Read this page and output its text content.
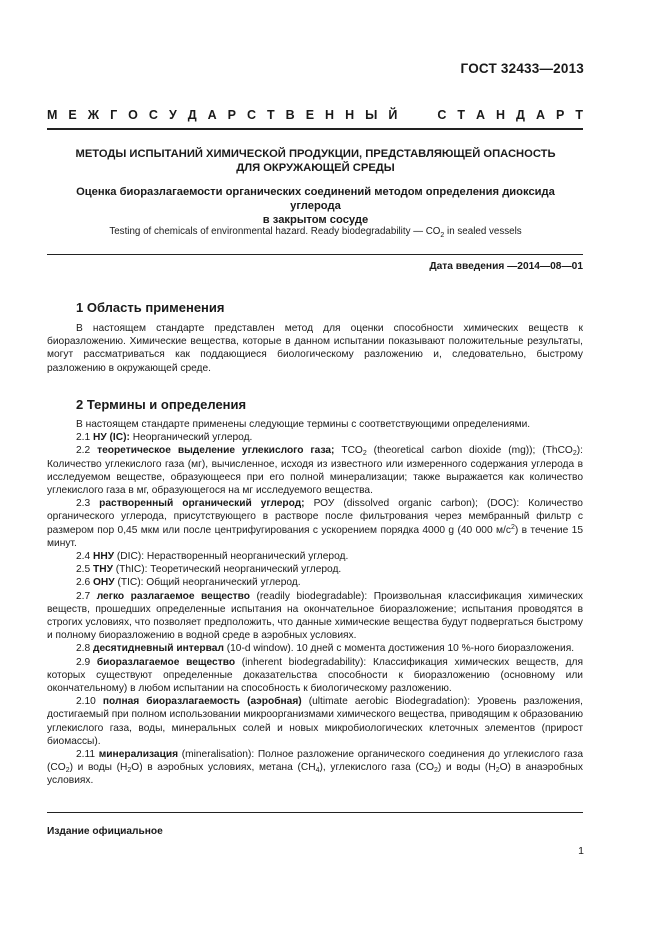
ГОСТ 32433—2013
М Е Ж Г О С У Д А Р С Т В Е Н Н Ы Й

	С Т А Н Д А Р Т
МЕТОДЫ ИСПЫТАНИЙ ХИМИЧЕСКОЙ ПРОДУКЦИИ, ПРЕДСТАВЛЯЮЩЕЙ ОПАСНОСТЬ
ДЛЯ ОКРУЖАЮЩЕЙ СРЕДЫ
Оценка биоразлагаемости органических соединений методом определения диоксида углерода
в закрытом сосуде
Testing of chemicals of environmental hazard. Ready biodegradability — $CO_2$ in sealed vessels
Дата введения —2014—08—01
1 Область применения

В настоящем стандарте представлен метод для оценки способности химических веществ к биоразложению. Химические вещества, которые в данном испытании показывают положительные результаты, могут рассматриваться как поддающиеся биологическому разложению и, следовательно, быстрому разложению в окружающей среде.

2 Термины и определения

В настоящем стандарте применены следующие термины с соответствующими определениями.

2.1 НУ (IC): Неорганический углерод.

2.2 теоретическое выделение углекислого газа; $TCO_2$ (theoretical carbon dioxide (mg)); (ThCO$_2$): Количество углекислого газа (мг), вычисленное, исходя из известного или измеренного содержания углерода в исследуемом веществе, образующееся при его полной минерализации; также выражается как количество углекислого газа в мг, образующегося на мг исследуемого вещества.

2.3 растворенный органический углерод; РОУ (dissolved organic carbon); (DOC): Количество органического углерода, присутствующего в растворе после фильтрования через мембранный фильтр с размером пор 0,45 мкм или после центрифугирования с ускорением порядка 4000 g (40 000 $м/с^2$) в течение 15 минут.

2.4 ННУ (DIC): Нерастворенный неорганический углерод.

2.5 ТНУ (ThIC): Теоретический неорганический углерод.

2.6 ОНУ (TIC): Общий неорганический углерод.

2.7 легко разлагаемое вещество (readily biodegradable): Произвольная классификация химических веществ, прошедших определенные испытания на окончательное биоразложение; испытания проводятся в строгих условиях, что позволяет предположить, что данные химические вещества будут подвергаться быстрому и полному биоразложению в водной среде в аэробных условиях.

2.8 десятидневный интервал (10-d window). 10 дней с момента достижения 10 %-ного биоразложения.

2.9 биоразлагаемое вещество (inherent biodegradability): Классификация химических веществ, для которых существуют определенные доказательства способности к биоразложению (основному или окончательному) в любом испытании на способность к биологическому разложению.

2.10 полная биоразлагаемость (аэробная) (ultimate aerobic Biodegradation): Уровень разложения, достигаемый при полном использовании микроорганизмами химического вещества, приводящим к образованию углекислого газа, воды, минеральных солей и новых микробиологических клеточных элементов (прирост биомассы).

2.11 минерализация (mineralisation): Полное разложение органического соединения до углекислого газа $(CO_2)$ и воды $(H_2O)$ в аэробных условиях, метана $(CH_4)$, углекислого газа $(CO_2)$ и воды $(H_2O)$ в анаэробных условиях.

Издание официальное
1
